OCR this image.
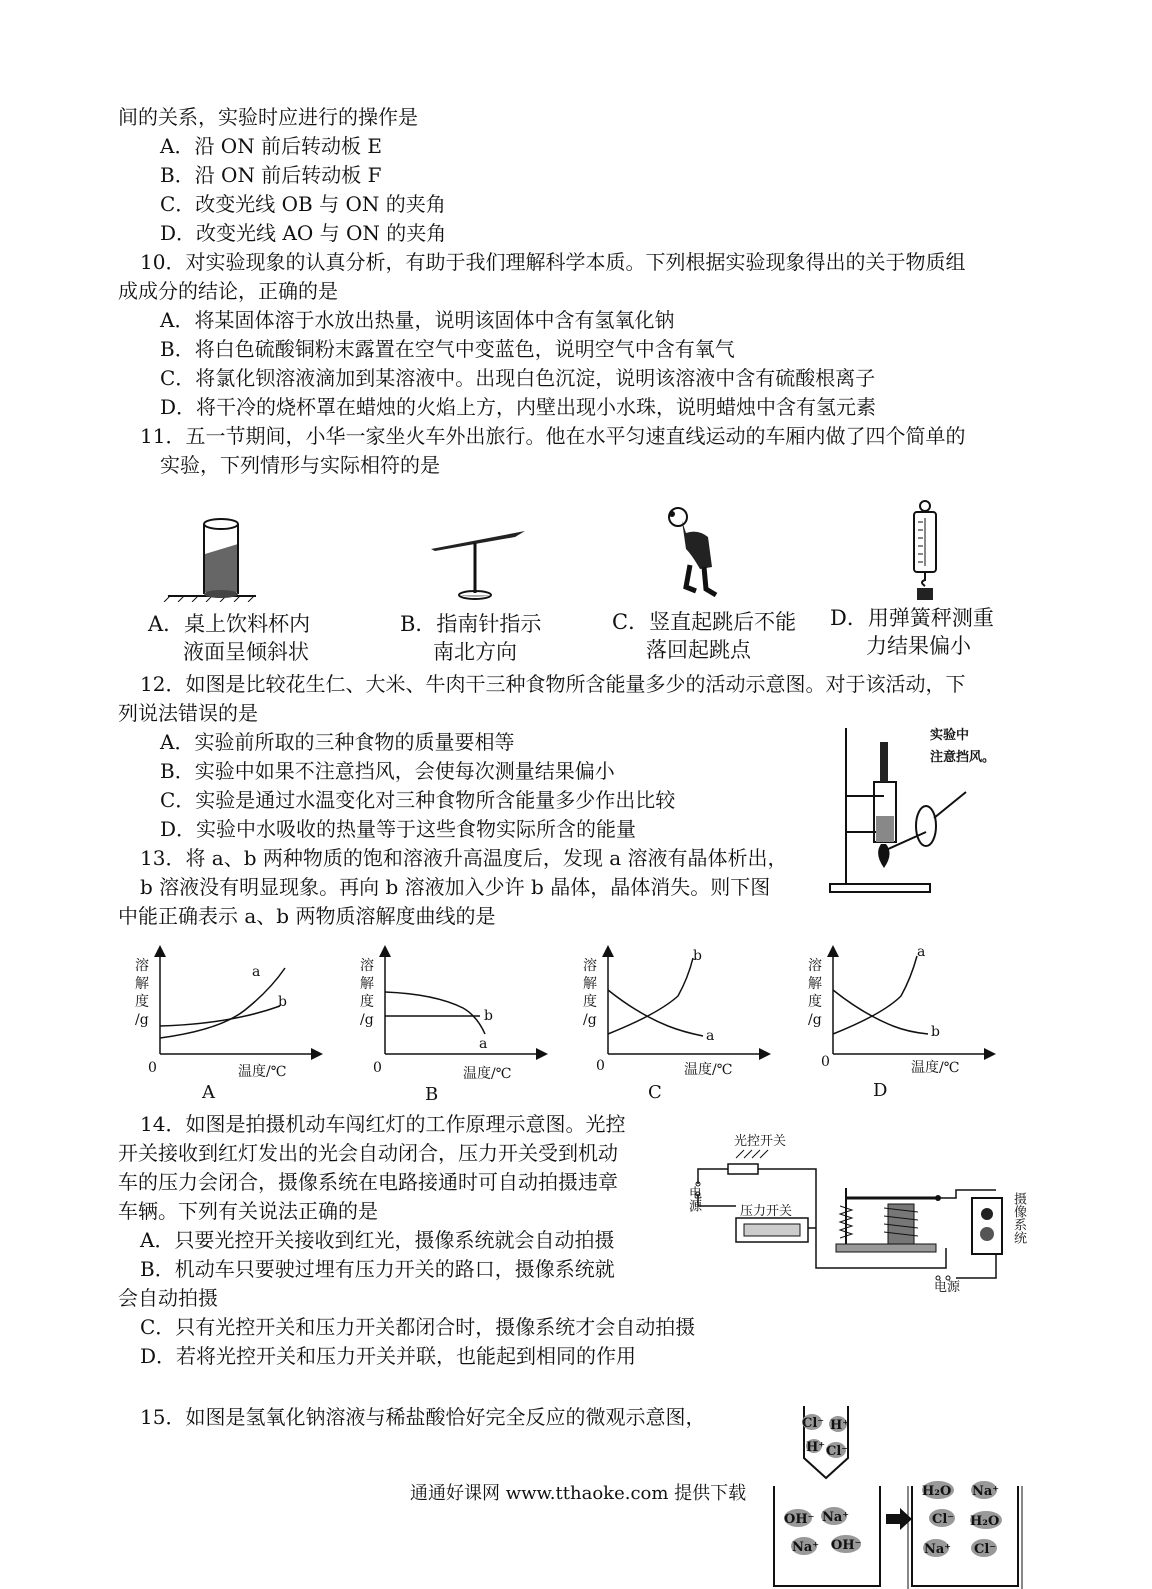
间的关系，实验时应进行的操作是
A．沿 ON 前后转动板 E
B．沿 ON 前后转动板 F
C．改变光线 OB 与 ON 的夹角
D．改变光线 AO 与 ON 的夹角
10．对实验现象的认真分析，有助于我们理解科学本质。下列根据实验现象得出的关于物质组
成成分的结论，正确的是
A．将某固体溶于水放出热量，说明该固体中含有氢氧化钠
B．将白色硫酸铜粉末露置在空气中变蓝色，说明空气中含有氧气
C．将氯化钡溶液滴加到某溶液中。出现白色沉淀，说明该溶液中含有硫酸根离子
D．将干冷的烧杯罩在蜡烛的火焰上方，内壁出现小水珠，说明蜡烛中含有氢元素
11．五一节期间，小华一家坐火车外出旅行。他在水平匀速直线运动的车厢内做了四个简单的
实验，下列情形与实际相符的是
A．桌上饮料杯内
液面呈倾斜状
B．指南针指示
南北方向
C．竖直起跳后不能
落回起跳点
D．用弹簧秤测重
力结果偏小
12．如图是比较花生仁、大米、牛肉干三种食物所含能量多少的活动示意图。对于该活动，下
列说法错误的是
A．实验前所取的三种食物的质量要相等
B．实验中如果不注意挡风，会使每次测量结果偏小
C．实验是通过水温变化对三种食物所含能量多少作出比较
D．实验中水吸收的热量等于这些食物实际所含的能量
实验中
注意挡风。
13．将 a、b 两种物质的饱和溶液升高温度后，发现 a 溶液有晶体析出，
b 溶液没有明显现象。再向 b 溶液加入少许 b 晶体，晶体消失。则下图
中能正确表示 a、b 两物质溶解度曲线的是
溶
解
度
/g
0	温度/℃
a
b
A
溶
解
度
/g
0	温度/℃
b
a
B
溶
解
度
/g
0	温度/℃
b
a
C
溶
解
度
/g
0	温度/℃
a
b
D
14．如图是拍摄机动车闯红灯的工作原理示意图。光控
开关接收到红灯发出的光会自动闭合，压力开关受到机动
车的压力会闭合，摄像系统在电路接通时可自动拍摄违章
车辆。下列有关说法正确的是
A．只要光控开关接收到红光，摄像系统就会自动拍摄
B．机动车只要驶过埋有压力开关的路口，摄像系统就
会自动拍摄
C．只有光控开关和压力开关都闭合时，摄像系统才会自动拍摄
D．若将光控开关和压力开关并联，也能起到相同的作用
光控开关
电源	压力开关
电源
摄像系统
15．如图是氢氧化钠溶液与稀盐酸恰好完全反应的微观示意图，	Cl⁻ H⁺
H⁺ Cl⁻
OH⁻ Na⁺
Na⁺ OH⁻
H₂O Na⁺
Cl⁻ H₂O
Na⁺ Cl⁻
通通好课网 www.tthaoke.com 提供下载
